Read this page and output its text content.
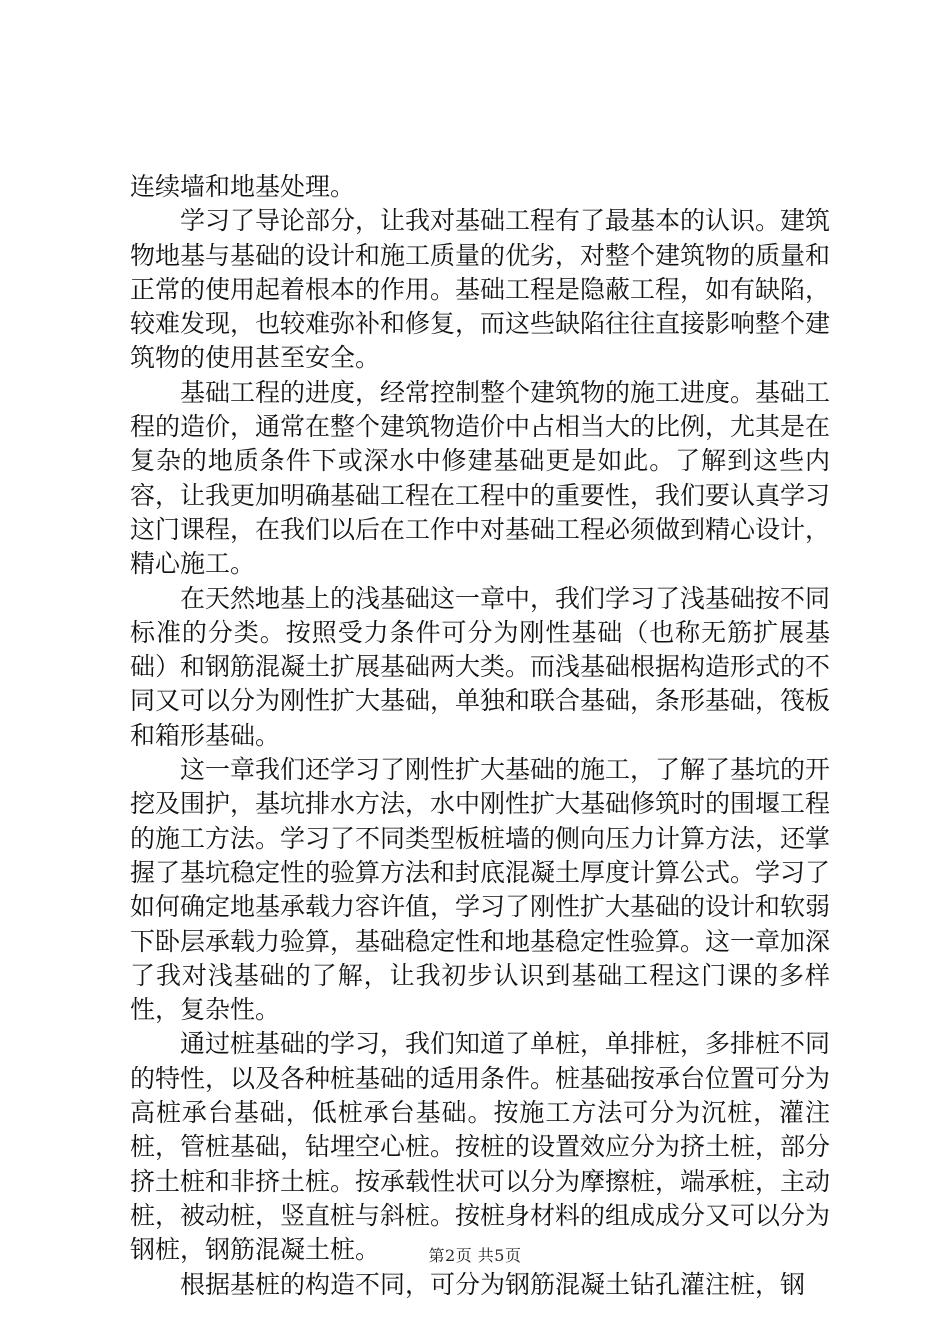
连续墙和地基处理。

学习了导论部分，让我对基础工程有了最基本的认识。建筑物地基与基础的设计和施工质量的优劣，对整个建筑物的质量和正常的使用起着根本的作用。基础工程是隐蔽工程，如有缺陷，较难发现，也较难弥补和修复，而这些缺陷往往直接影响整个建筑物的使用甚至安全。

基础工程的进度，经常控制整个建筑物的施工进度。基础工程的造价，通常在整个建筑物造价中占相当大的比例，尤其是在复杂的地质条件下或深水中修建基础更是如此。了解到这些内容，让我更加明确基础工程在工程中的重要性，我们要认真学习这门课程，在我们以后在工作中对基础工程必须做到精心设计，精心施工。

在天然地基上的浅基础这一章中，我们学习了浅基础按不同标准的分类。按照受力条件可分为刚性基础（也称无筋扩展基础）和钢筋混凝土扩展基础两大类。而浅基础根据构造形式的不同又可以分为刚性扩大基础，单独和联合基础，条形基础，筏板和箱形基础。

这一章我们还学习了刚性扩大基础的施工，了解了基坑的开挖及围护，基坑排水方法，水中刚性扩大基础修筑时的围堰工程的施工方法。学习了不同类型板桩墙的侧向压力计算方法，还掌握了基坑稳定性的验算方法和封底混凝土厚度计算公式。学习了如何确定地基承载力容许值，学习了刚性扩大基础的设计和软弱下卧层承载力验算，基础稳定性和地基稳定性验算。这一章加深了我对浅基础的了解，让我初步认识到基础工程这门课的多样性，复杂性。

通过桩基础的学习，我们知道了单桩，单排桩，多排桩不同的特性，以及各种桩基础的适用条件。桩基础按承台位置可分为高桩承台基础，低桩承台基础。按施工方法可分为沉桩，灌注桩，管桩基础，钻埋空心桩。按桩的设置效应分为挤土桩，部分挤土桩和非挤土桩。按承载性状可以分为摩擦桩，端承桩，主动桩，被动桩，竖直桩与斜桩。按桩身材料的组成成分又可以分为钢桩，钢筋混凝土桩。

根据基桩的构造不同，可分为钢筋混凝土钻孔灌注桩，钢

第2页 共5页
